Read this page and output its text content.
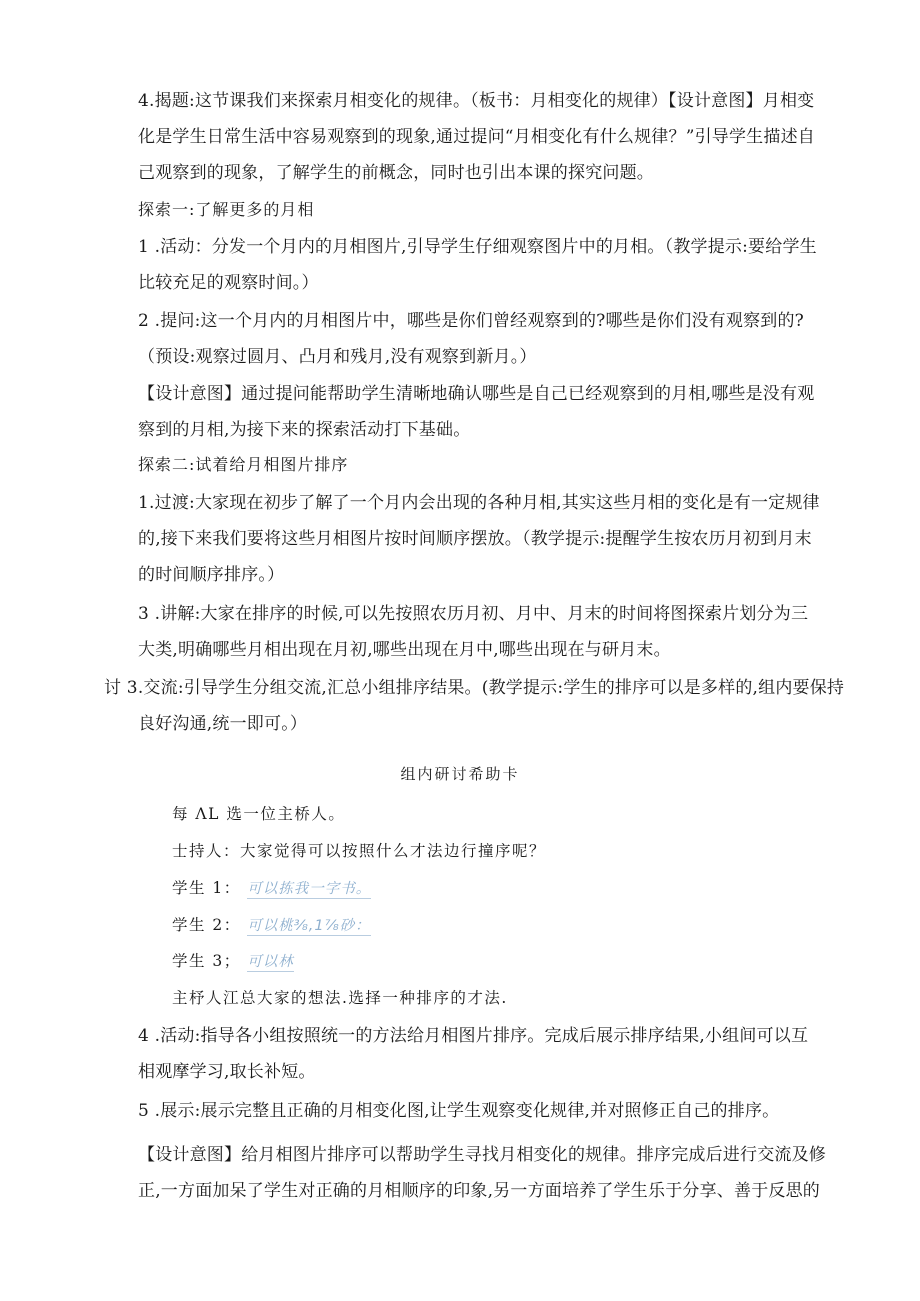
4.揭题:这节课我们来探索月相变化的规律。（板书：月相变化的规律）【设计意图】月相变
化是学生日常生活中容易观察到的现象,通过提问“月相变化有什么规律？”引导学生描述自
己观察到的现象，了解学生的前概念，同时也引出本课的探究问题。
探索一:了解更多的月相
1 .活动：分发一个月内的月相图片,引导学生仔细观察图片中的月相。（教学提示:要给学生
比较充足的观察时间。）
2 .提问:这一个月内的月相图片中，哪些是你们曾经观察到的?哪些是你们没有观察到的?
（预设:观察过圆月、凸月和残月,没有观察到新月。）
【设计意图】通过提问能帮助学生清晰地确认哪些是自己已经观察到的月相,哪些是没有观
察到的月相,为接下来的探索活动打下基础。
探索二:试着给月相图片排序
1.过渡:大家现在初步了解了一个月内会出现的各种月相,其实这些月相的变化是有一定规律
的,接下来我们要将这些月相图片按时间顺序摆放。（教学提示:提醒学生按农历月初到月末
的时间顺序排序。）
3 .讲解:大家在排序的时候,可以先按照农历月初、月中、月末的时间将图探索片划分为三
大类,明确哪些月相出现在月初,哪些出现在月中,哪些出现在与研月末。
讨 3.交流:引导学生分组交流,汇总小组排序结果。(教学提示:学生的排序可以是多样的,组内要保持
良好沟通,统一即可。）
组内研讨希助卡
每 ΛL 选一位主桥人。
士持人：大家觉得可以按照什么才法边行撞序呢？
学生 1： 可以拣我一字书。
学生 2： 可以桃⅜,1⅞砂：
学生 3； 可以林
主杼人江总大家的想法.选择一种排序的才法.
4 .活动:指导各小组按照统一的方法给月相图片排序。完成后展示排序结果,小组间可以互
相观摩学习,取长补短。
5 .展示:展示完整且正确的月相变化图,让学生观察变化规律,并对照修正自己的排序。
【设计意图】给月相图片排序可以帮助学生寻找月相变化的规律。排序完成后进行交流及修
正,一方面加呆了学生对正确的月相顺序的印象,另一方面培养了学生乐于分享、善于反思的
